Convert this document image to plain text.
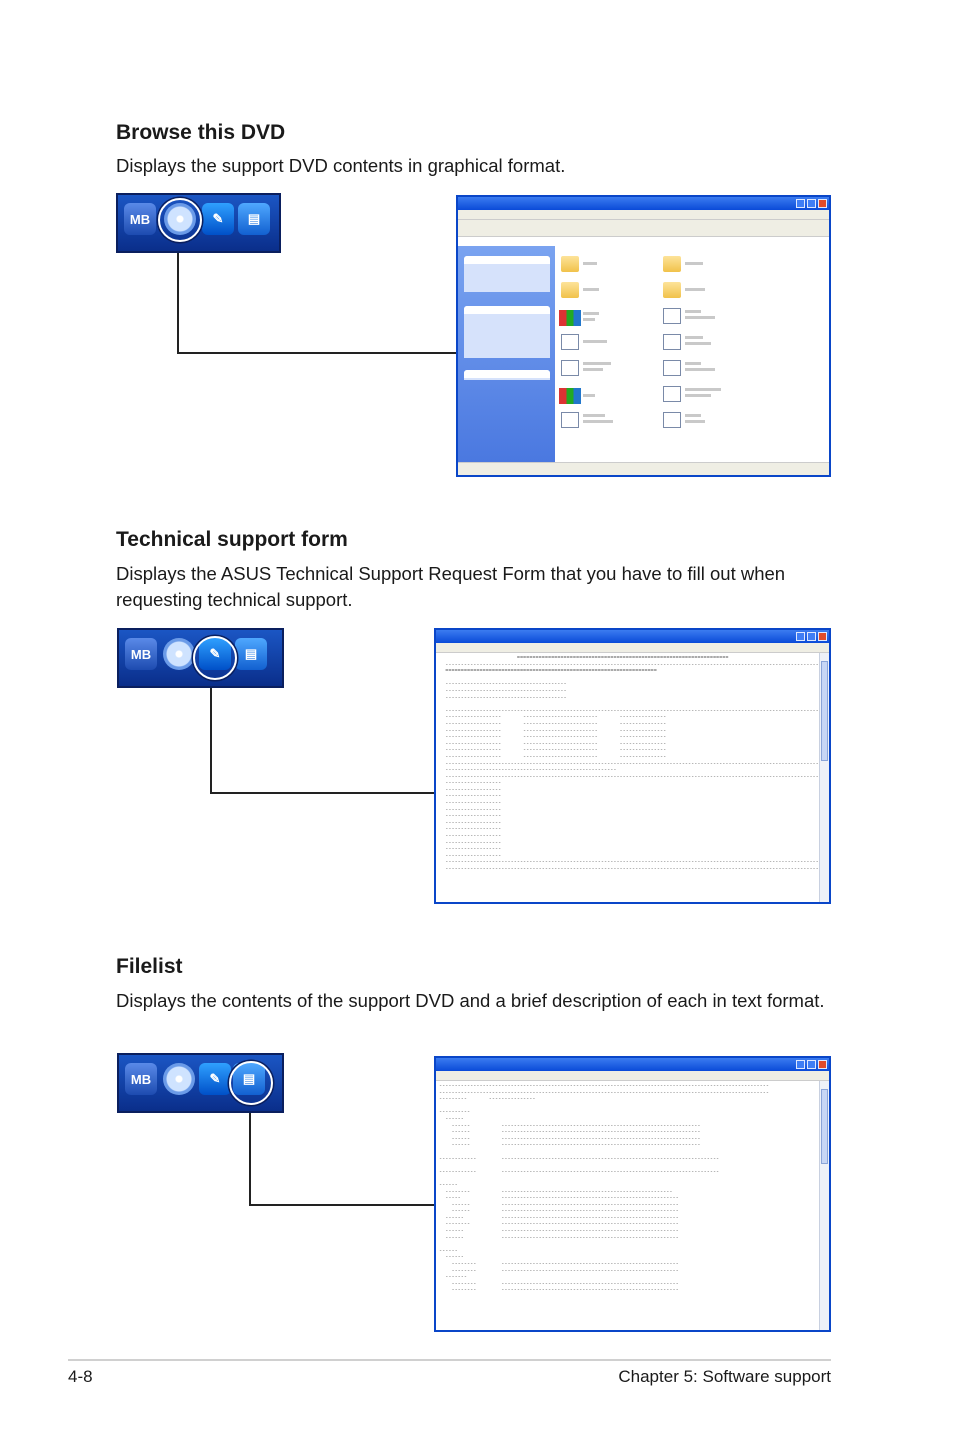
Browse this DVD

Displays the support DVD contents in graphical format.

MB	✎	▤
Technical support form

Displays the ASUS Technical Support Request Form that you have to fill out when requesting technical support.

MB	✎	▤	====================================================================
------------------------------------------------------------------------------------------------------------------------
====================================================================

---------------------------------------
---------------------------------------
---------------------------------------

------------------------------------------------------------------------------------------------------------------------
------------------       ------------------------       ---------------
------------------       ------------------------       ---------------
------------------       ------------------------       ---------------
------------------       ------------------------       ---------------
------------------       ------------------------       ---------------
------------------       ------------------------       ---------------
------------------       ------------------------       ---------------
------------------------------------------------------------------------------------------------------------------------
-------------------------------------------------------
------------------------------------------------------------------------------------------------------------------------
------------------
------------------
------------------
------------------
------------------
------------------
------------------
------------------
------------------
------------------
------------------
------------------
------------------------------------------------------------------------------------------------------------------------
------------------------------------------------------------------------------------------------------------------------
Filelist

Displays the contents of the support DVD and a brief description of each in text format.

MB	✎	▤	----------------------------------------------------------------------------------------------------------
----------------------------------------------------------------------------------------------------------
---------       ---------------

----------
------
------          ----------------------------------------------------------------
------          ----------------------------------------------------------------
------          ----------------------------------------------------------------
------          ----------------------------------------------------------------

------------        ----------------------------------------------------------------------

------------        ----------------------------------------------------------------------

------
--------          -------------------------------------------------------
-----             ---------------------------------------------------------
------          ---------------------------------------------------------
------          ---------------------------------------------------------
------            ---------------------------------------------------------
--------          ---------------------------------------------------------
------            ---------------------------------------------------------
------            ---------------------------------------------------------

------
------
--------        ---------------------------------------------------------
--------        ---------------------------------------------------------
-------
--------        ---------------------------------------------------------
--------        ---------------------------------------------------------
4-8	Chapter 5: Software support
